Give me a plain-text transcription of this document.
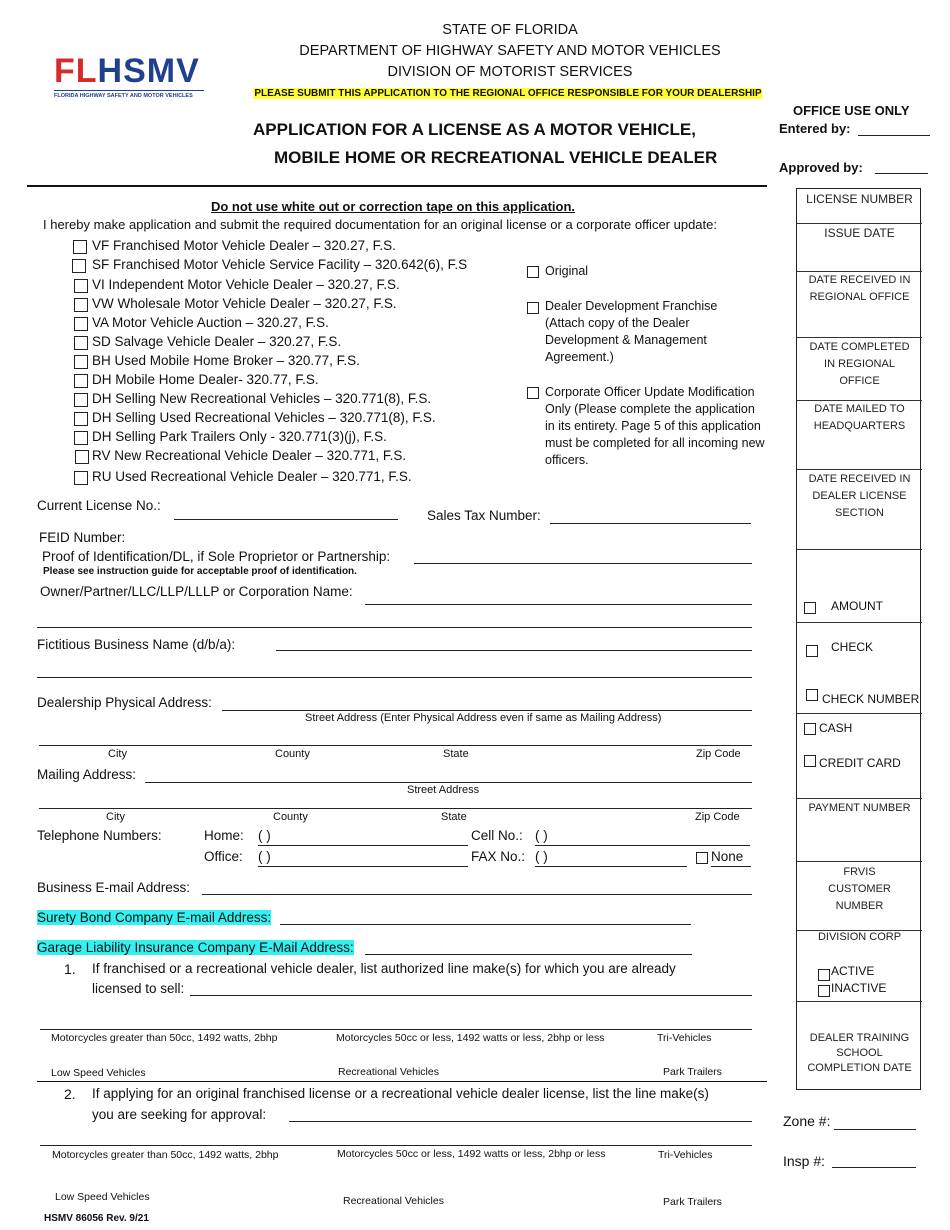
FLHSMV
FLORIDA HIGHWAY SAFETY AND MOTOR VEHICLES
STATE OF FLORIDA
DEPARTMENT OF HIGHWAY SAFETY AND MOTOR VEHICLES
DIVISION OF MOTORIST SERVICES
PLEASE SUBMIT THIS APPLICATION TO THE REGIONAL OFFICE RESPONSIBLE FOR YOUR DEALERSHIP
APPLICATION FOR A LICENSE AS A MOTOR VEHICLE,
MOBILE HOME OR RECREATIONAL VEHICLE DEALER
OFFICE USE ONLY
Entered by:
Approved by:
LICENSE NUMBER
ISSUE DATE
DATE RECEIVED IN REGIONAL OFFICE
DATE COMPLETED IN REGIONAL OFFICE
DATE MAILED TO HEADQUARTERS
DATE RECEIVED IN DEALER LICENSE SECTION
AMOUNT
CHECK
CHECK NUMBER
CASH
CREDIT CARD
PAYMENT NUMBER
FRVIS CUSTOMER NUMBER
DIVISION CORP
ACTIVE
INACTIVE
DEALER TRAINING SCHOOL COMPLETION DATE
Zone #:
Insp #:
Do not use white out or correction tape on this application.
I hereby make application and submit the required documentation for an original license or a corporate officer update:
VF Franchised Motor Vehicle Dealer – 320.27, F.S.
SF Franchised Motor Vehicle Service Facility – 320.642(6), F.S
VI Independent Motor Vehicle Dealer – 320.27, F.S.
VW Wholesale Motor Vehicle Dealer – 320.27, F.S.
VA Motor Vehicle Auction – 320.27, F.S.
SD Salvage Vehicle Dealer – 320.27, F.S.
BH Used Mobile Home Broker – 320.77, F.S.
DH Mobile Home Dealer- 320.77, F.S.
DH Selling New Recreational Vehicles – 320.771(8), F.S.
DH Selling Used Recreational Vehicles – 320.771(8), F.S.
DH Selling Park Trailers Only - 320.771(3)(j), F.S.
RV New Recreational Vehicle Dealer – 320.771, F.S.
RU Used Recreational Vehicle Dealer – 320.771, F.S.
Original
Dealer Development Franchise (Attach copy of the Dealer Development & Management Agreement.)
Corporate Officer Update Modification Only (Please complete the application in its entirety. Page 5 of this application must be completed for all incoming new officers.
Current License No.:
Sales Tax Number:
FEID Number:
Proof of Identification/DL, if Sole Proprietor or Partnership:
Please see instruction guide for acceptable proof of identification.
Owner/Partner/LLC/LLP/LLLP or Corporation Name:
Fictitious Business Name (d/b/a):
Dealership Physical Address:
Street Address (Enter Physical Address even if same as Mailing Address)
City	County	State	Zip Code
Mailing Address:
Street Address
City	County	State	Zip Code
Telephone Numbers:	Home: ( )	Cell No.: ( )
Office: ( )	FAX No.: ( )	None
Business E-mail Address:
Surety Bond Company E-mail Address:
Garage Liability Insurance Company E-Mail Address:
1. If franchised or a recreational vehicle dealer, list authorized line make(s) for which you are already
licensed to sell:
Motorcycles greater than 50cc, 1492 watts, 2bhp	Motorcycles 50cc or less, 1492 watts or less, 2bhp or less	Tri-Vehicles
Low Speed Vehicles	Recreational Vehicles	Park Trailers
2. If applying for an original franchised license or a recreational vehicle dealer license, list the line make(s)
you are seeking for approval:
Motorcycles greater than 50cc, 1492 watts, 2bhp	Motorcycles 50cc or less, 1492 watts or less, 2bhp or less	Tri-Vehicles
Low Speed Vehicles	Recreational Vehicles	Park Trailers
HSMV 86056 Rev. 9/21
